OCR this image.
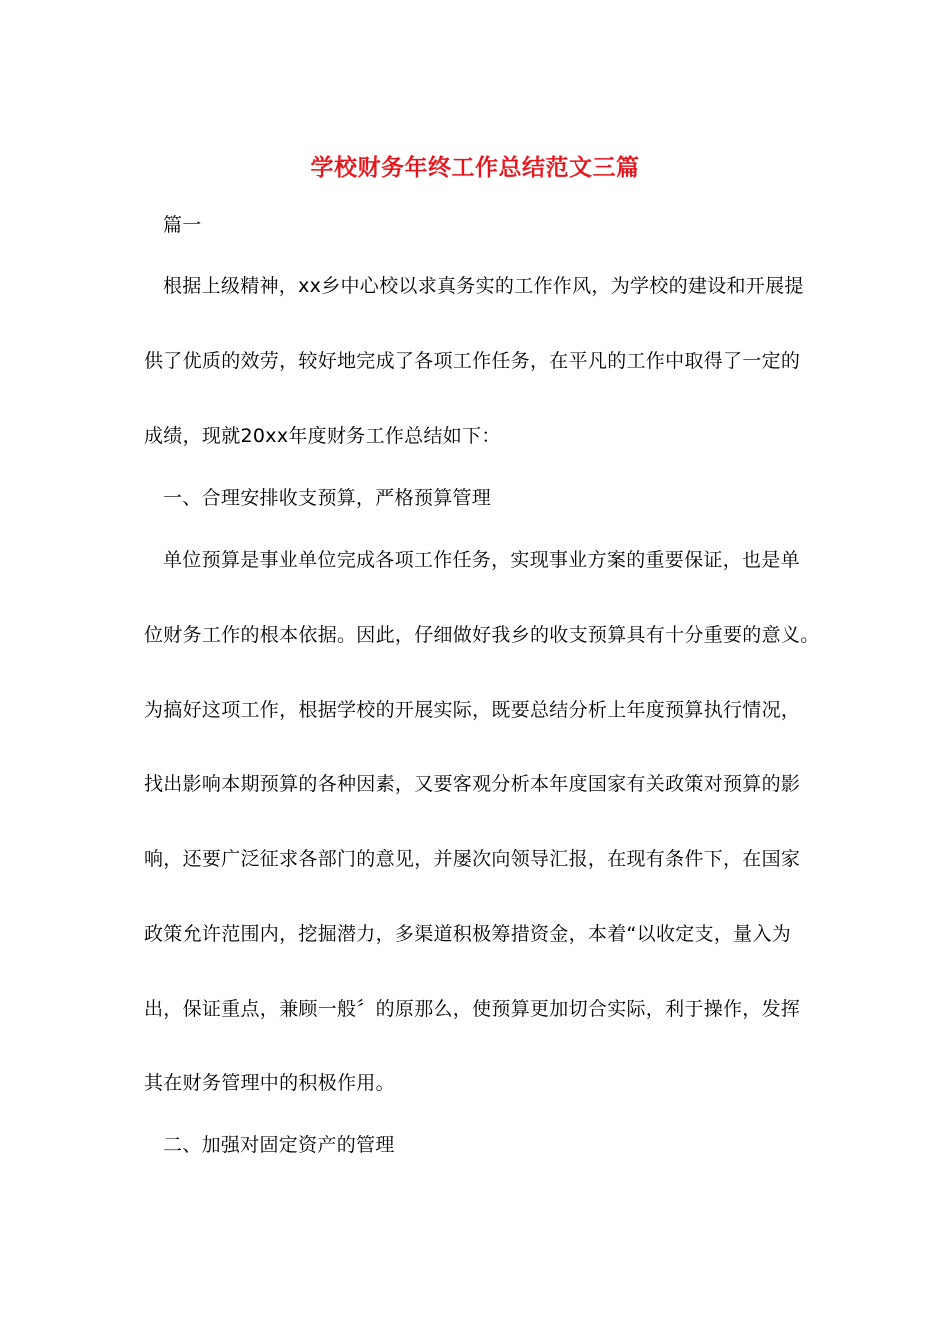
学校财务年终工作总结范文三篇
篇一
根据上级精神，xx乡中心校以求真务实的工作作风，为学校的建设和开展提
供了优质的效劳，较好地完成了各项工作任务，在平凡的工作中取得了一定的
成绩，现就20xx年度财务工作总结如下：
一、合理安排收支预算，严格预算管理
单位预算是事业单位完成各项工作任务，实现事业方案的重要保证，也是单
位财务工作的根本依据。因此，仔细做好我乡的收支预算具有十分重要的意义。
为搞好这项工作，根据学校的开展实际，既要总结分析上年度预算执行情况，
找出影响本期预算的各种因素，又要客观分析本年度国家有关政策对预算的影
响，还要广泛征求各部门的意见，并屡次向领导汇报，在现有条件下，在国家
政策允许范围内，挖掘潜力，多渠道积极筹措资金，本着“以收定支，量入为
出，保证重点，兼顾一般〞的原那么，使预算更加切合实际，利于操作，发挥
其在财务管理中的积极作用。
二、加强对固定资产的管理
